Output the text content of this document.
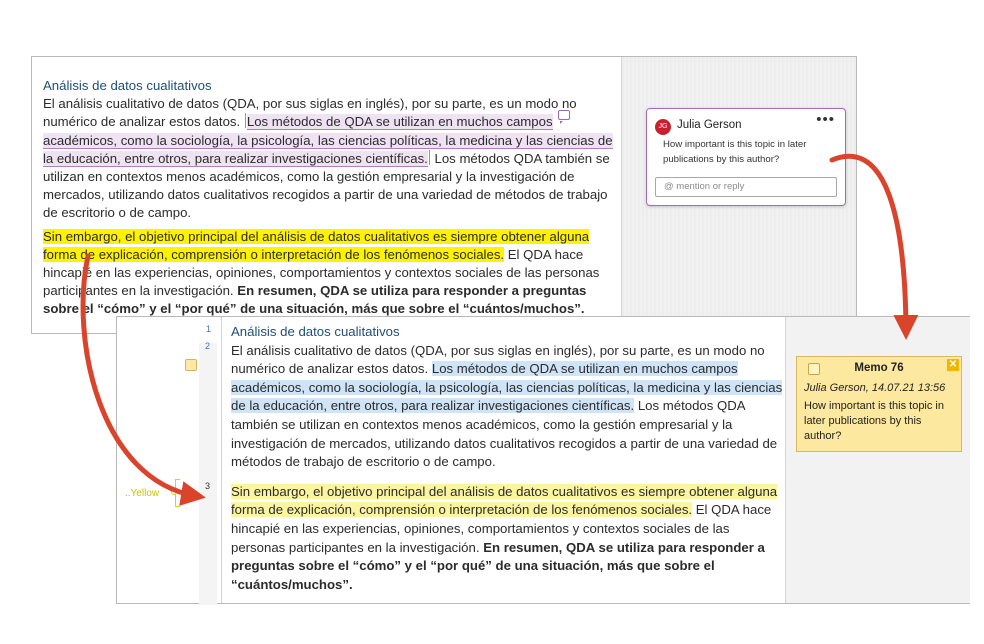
Análisis de datos cualitativos

El análisis cualitativo de datos (QDA, por sus siglas en inglés), por su parte, es un modo no numérico de analizar estos datos. Los métodos de QDA se utilizan en muchos campos académicos, como la sociología, la psicología, las ciencias políticas, la medicina y las ciencias de la educación, entre otros, para realizar investigaciones científicas. Los métodos QDA también se utilizan en contextos menos académicos, como la gestión empresarial y la investigación de mercados, utilizando datos cualitativos recogidos a partir de una variedad de métodos de trabajo de escritorio o de campo.

Sin embargo, el objetivo principal del análisis de datos cualitativos es siempre obtener alguna forma de explicación, comprensión o interpretación de los fenómenos sociales. El QDA hace hincapié en las experiencias, opiniones, comportamientos y contextos sociales de las personas participantes en la investigación. En resumen, QDA se utiliza para responder a preguntas sobre el “cómo” y el “por qué” de una situación, más que sobre el “cuántos/muchos”.

JG Julia Gerson	•••
How important is this topic in later publications by this author?
@ mention or reply
1
2
3
..Yellow
Análisis de datos cualitativos

El análisis cualitativo de datos (QDA, por sus siglas en inglés), por su parte, es un modo no numérico de analizar estos datos. Los métodos de QDA se utilizan en muchos campos académicos, como la sociología, la psicología, las ciencias políticas, la medicina y las ciencias de la educación, entre otros, para realizar investigaciones científicas. Los métodos QDA también se utilizan en contextos menos académicos, como la gestión empresarial y la investigación de mercados, utilizando datos cualitativos recogidos a partir de una variedad de métodos de trabajo de escritorio o de campo.

Sin embargo, el objetivo principal del análisis de datos cualitativos es siempre obtener alguna forma de explicación, comprensión o interpretación de los fenómenos sociales. El QDA hace hincapié en las experiencias, opiniones, comportamientos y contextos sociales de las personas participantes en la investigación. En resumen, QDA se utiliza para responder a preguntas sobre el “cómo” y el “por qué” de una situación, más que sobre el “cuántos/muchos”.

Memo 76	✕
Julia Gerson, 14.07.21 13:56
How important is this topic in later publications by this author?
